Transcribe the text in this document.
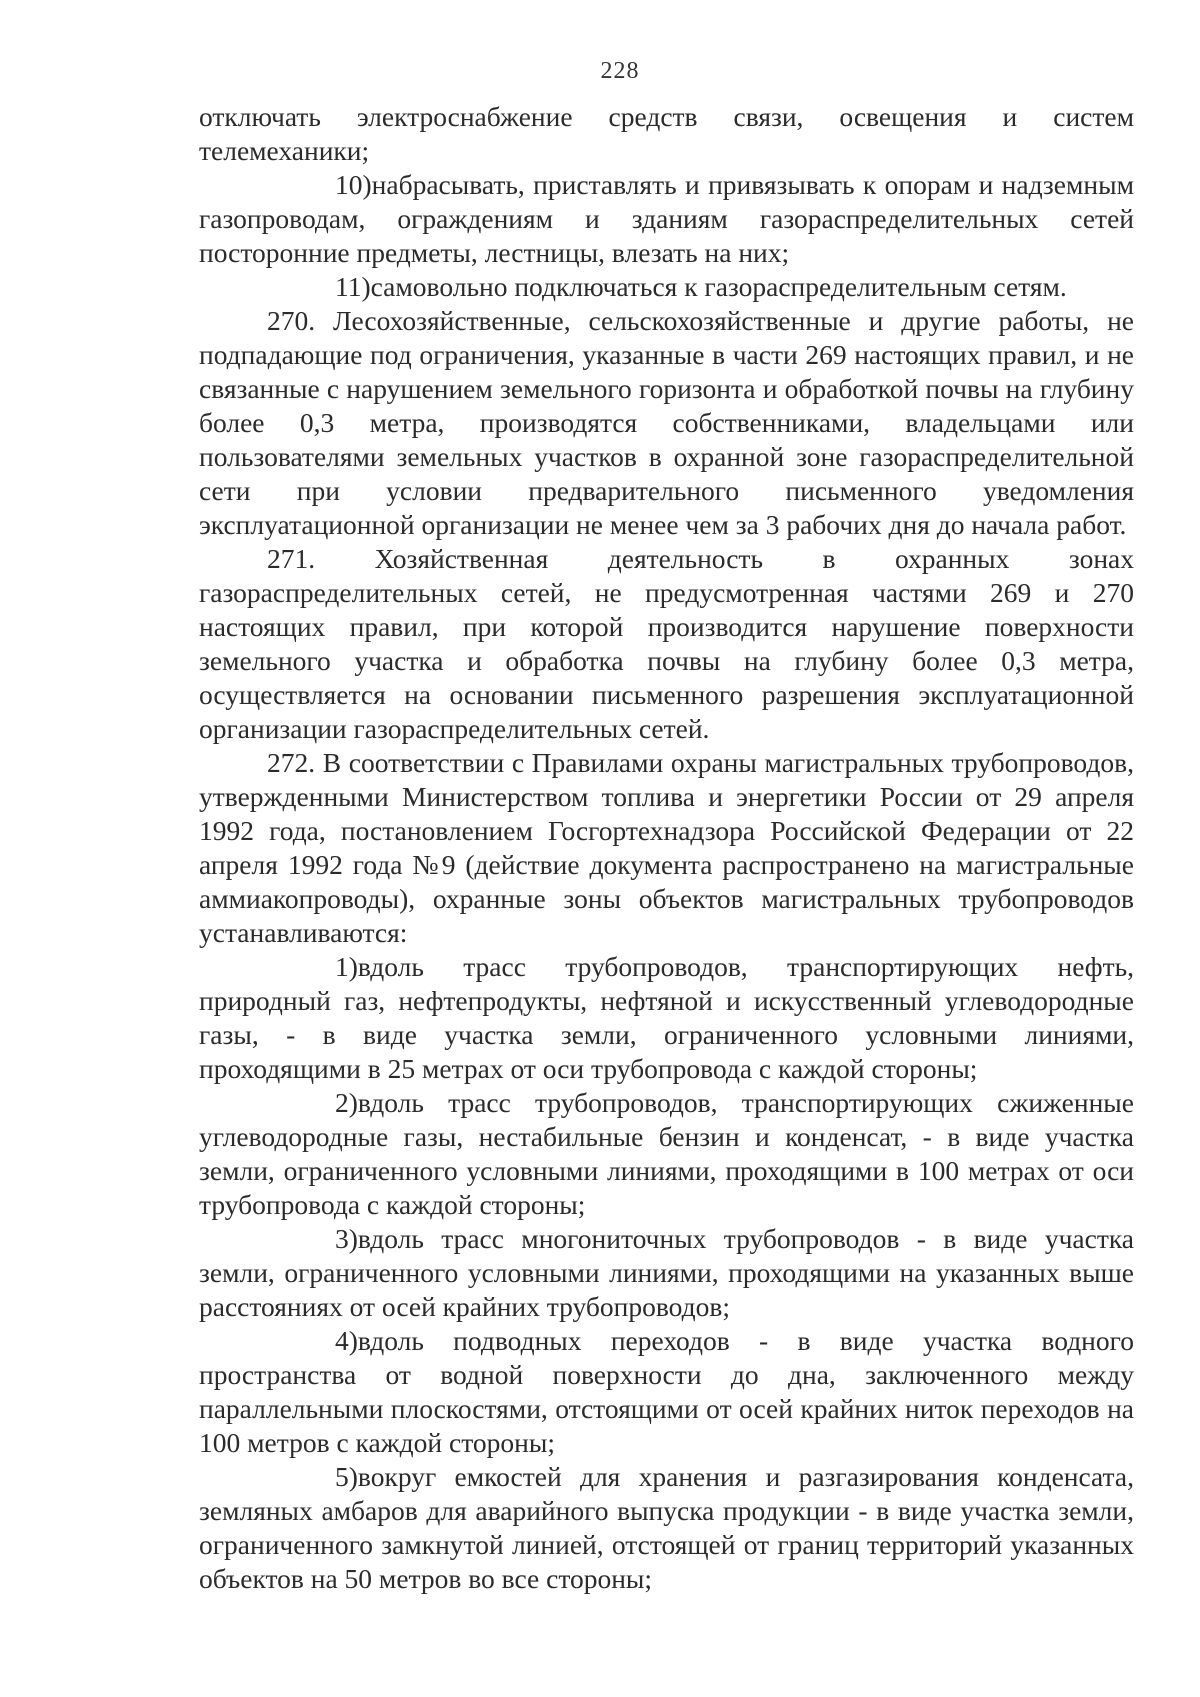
228

отключать электроснабжение средств связи, освещения и систем телемеханики;

10)набрасывать, приставлять и привязывать к опорам и надземным газопроводам, ограждениям и зданиям газораспределительных сетей посторонние предметы, лестницы, влезать на них;

11)самовольно подключаться к газораспределительным сетям.

270. Лесохозяйственные, сельскохозяйственные и другие работы, не подпадающие под ограничения, указанные в части 269 настоящих правил, и не связанные с нарушением земельного горизонта и обработкой почвы на глубину более 0,3 метра, производятся собственниками, владельцами или пользователями земельных участков в охранной зоне газораспределительной сети при условии предварительного письменного уведомления эксплуатационной организации не менее чем за 3 рабочих дня до начала работ.

271. Хозяйственная деятельность в охранных зонах газораспределительных сетей, не предусмотренная частями 269 и 270 настоящих правил, при которой производится нарушение поверхности земельного участка и обработка почвы на глубину более 0,3 метра, осуществляется на основании письменного разрешения эксплуатационной организации газораспределительных сетей.

272. В соответствии с Правилами охраны магистральных трубопроводов, утвержденными Министерством топлива и энергетики России от 29 апреля 1992 года, постановлением Госгортехнадзора Российской Федерации от 22 апреля 1992 года №9 (действие документа распространено на магистральные аммиакопроводы), охранные зоны объектов магистральных трубопроводов устанавливаются:

1)вдоль трасс трубопроводов, транспортирующих нефть, природный газ, нефтепродукты, нефтяной и искусственный углеводородные газы, - в виде участка земли, ограниченного условными линиями, проходящими в 25 метрах от оси трубопровода с каждой стороны;

2)вдоль трасс трубопроводов, транспортирующих сжиженные углеводородные газы, нестабильные бензин и конденсат, - в виде участка земли, ограниченного условными линиями, проходящими в 100 метрах от оси трубопровода с каждой стороны;

3)вдоль трасс многониточных трубопроводов - в виде участка земли, ограниченного условными линиями, проходящими на указанных выше расстояниях от осей крайних трубопроводов;

4)вдоль подводных переходов - в виде участка водного пространства от водной поверхности до дна, заключенного между параллельными плоскостями, отстоящими от осей крайних ниток переходов на 100 метров с каждой стороны;

5)вокруг емкостей для хранения и разгазирования конденсата, земляных амбаров для аварийного выпуска продукции - в виде участка земли, ограниченного замкнутой линией, отстоящей от границ территорий указанных объектов на 50 метров во все стороны;
